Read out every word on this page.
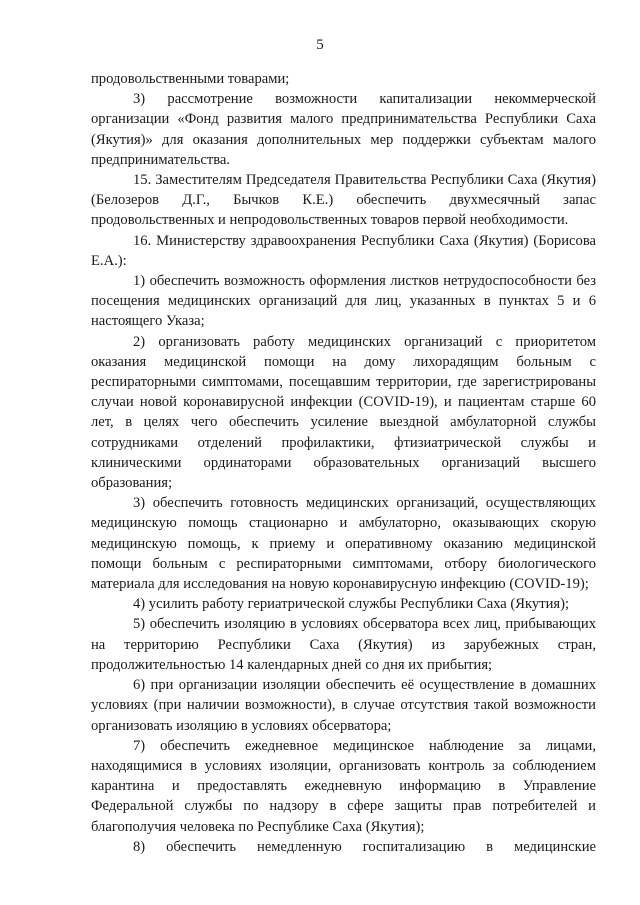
5

продовольственными товарами;

3) рассмотрение возможности капитализации некоммерческой организации «Фонд развития малого предпринимательства Республики Саха (Якутия)» для оказания дополнительных мер поддержки субъектам малого предпринимательства.

15. Заместителям Председателя Правительства Республики Саха (Якутия) (Белозеров Д.Г., Бычков К.Е.) обеспечить двухмесячный запас продовольственных и непродовольственных товаров первой необходимости.

16. Министерству здравоохранения Республики Саха (Якутия) (Борисова Е.А.):

1) обеспечить возможность оформления листков нетрудоспособности без посещения медицинских организаций для лиц, указанных в пунктах 5 и 6 настоящего Указа;

2) организовать работу медицинских организаций с приоритетом оказания медицинской помощи на дому лихорадящим больным с респираторными симптомами, посещавшим территории, где зарегистрированы случаи новой коронавирусной инфекции (COVID-19), и пациентам старше 60 лет, в целях чего обеспечить усиление выездной амбулаторной службы сотрудниками отделений профилактики, фтизиатрической службы и клиническими ординаторами образовательных организаций высшего образования;

3) обеспечить готовность медицинских организаций, осуществляющих медицинскую помощь стационарно и амбулаторно, оказывающих скорую медицинскую помощь, к приему и оперативному оказанию медицинской помощи больным с респираторными симптомами, отбору биологического материала для исследования на новую коронавирусную инфекцию (COVID-19);

4) усилить работу гериатрической службы Республики Саха (Якутия);

5) обеспечить изоляцию в условиях обсерватора всех лиц, прибывающих на территорию Республики Саха (Якутия) из зарубежных стран, продолжительностью 14 календарных дней со дня их прибытия;

6) при организации изоляции обеспечить её осуществление в домашних условиях (при наличии возможности), в случае отсутствия такой возможности организовать изоляцию в условиях обсерватора;

7) обеспечить ежедневное медицинское наблюдение за лицами, находящимися в условиях изоляции, организовать контроль за соблюдением карантина и предоставлять ежедневную информацию в Управление Федеральной службы по надзору в сфере защиты прав потребителей и благополучия человека по Республике Саха (Якутия);

8) обеспечить немедленную госпитализацию в медицинские
